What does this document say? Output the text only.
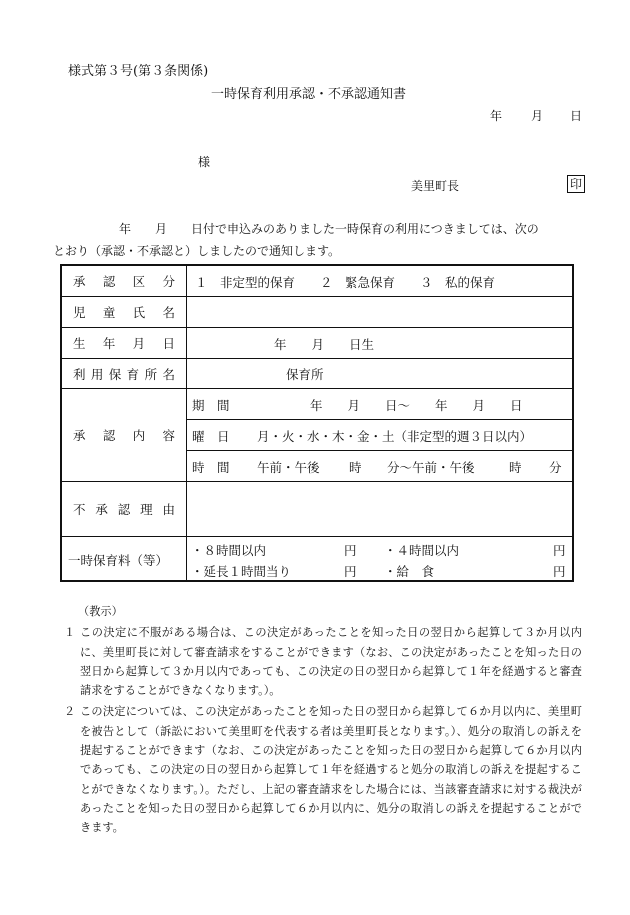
様式第３号(第３条関係)
一時保育利用承認・不承認通知書
年 月 日
様
美里町長	印
年　　月　　日付で申込みのありました一時保育の利用につきましては、次の
とおり（承認・不承認と）しましたので通知します。
承 認 区 分 １　非定型的保育　　２　緊急保育　　３　私的保育
児 童 氏 名
生 年 月 日	年　　月　　日生
利 用 保 育 所 名	保育所
承 認 内 容
期　間	年　　月　　日～　　年　　月　　日
曜　日 月・火・水・木・金・土（非定型的週３日以内）
時　間 午前・午後 時 分～午前・午後	時 分
不 承 認 理 由
一時保育料（等）
・８時間以内	円 ・４時間以内	円
・延長１時間当り	円 ・給　食	円
（教示）
１ この決定に不服がある場合は、この決定があったことを知った日の翌日から起算して３か月以内に、美里町長に対して審査請求をすることができます（なお、この決定があったことを知った日の翌日から起算して３か月以内であっても、この決定の日の翌日から起算して１年を経過すると審査請求をすることができなくなります。）。
２ この決定については、この決定があったことを知った日の翌日から起算して６か月以内に、美里町を被告として（訴訟において美里町を代表する者は美里町長となります。）、処分の取消しの訴えを提起することができます（なお、この決定があったことを知った日の翌日から起算して６か月以内であっても、この決定の日の翌日から起算して１年を経過すると処分の取消しの訴えを提起することができなくなります。）。ただし、上記の審査請求をした場合には、当該審査請求に対する裁決があったことを知った日の翌日から起算して６か月以内に、処分の取消しの訴えを提起することができます。
